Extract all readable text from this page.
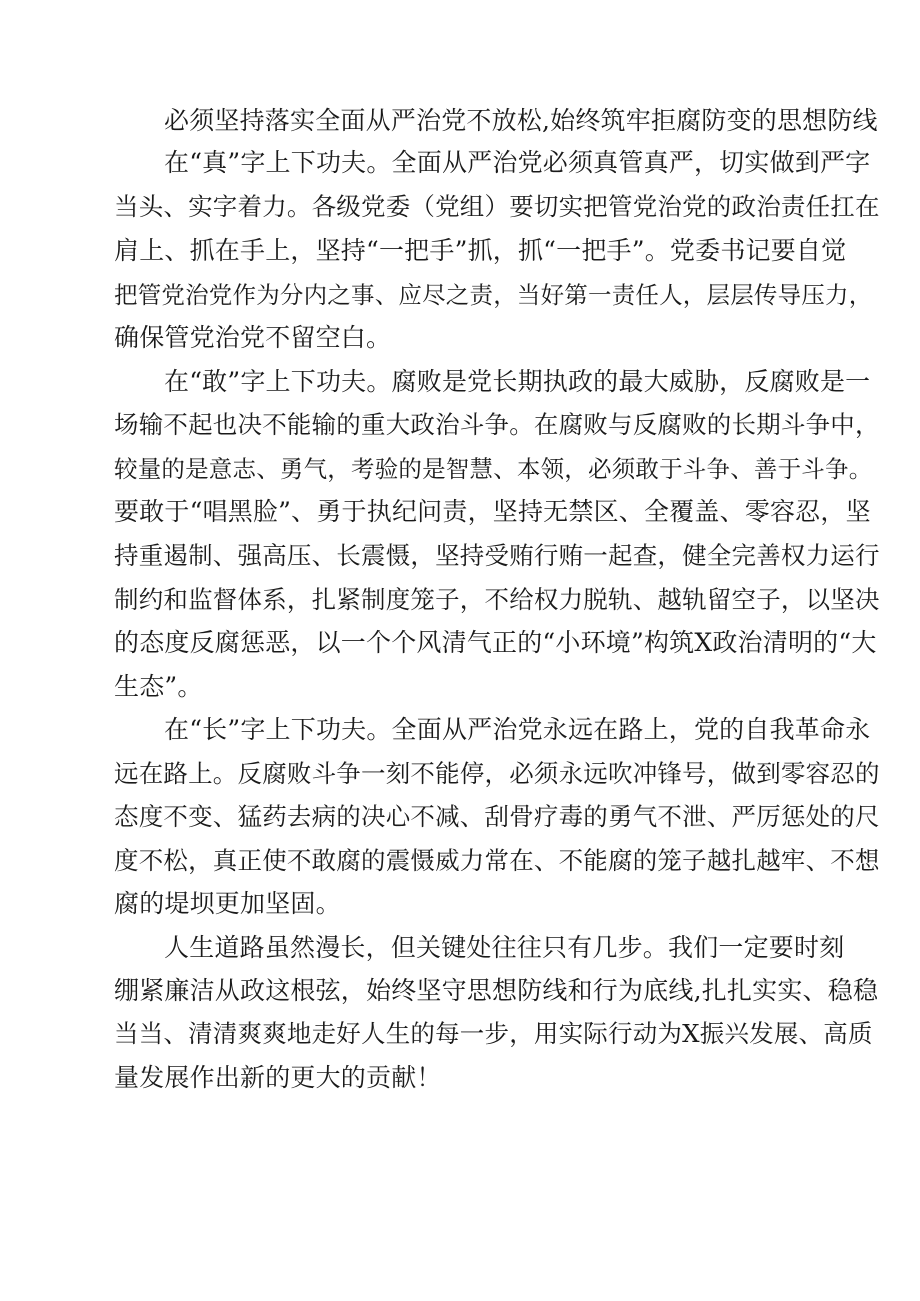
必须坚持落实全面从严治党不放松,始终筑牢拒腐防变的思想防线
在“真”字上下功夫。全面从严治党必须真管真严，切实做到严字
当头、实字着力。各级党委（党组）要切实把管党治党的政治责任扛在
肩上、抓在手上，坚持“一把手”抓，抓“一把手”。党委书记要自觉
把管党治党作为分内之事、应尽之责，当好第一责任人，层层传导压力，
确保管党治党不留空白。
在“敢”字上下功夫。腐败是党长期执政的最大威胁，反腐败是一
场输不起也决不能输的重大政治斗争。在腐败与反腐败的长期斗争中，
较量的是意志、勇气，考验的是智慧、本领，必须敢于斗争、善于斗争。
要敢于“唱黑脸”、勇于执纪问责，坚持无禁区、全覆盖、零容忍，坚
持重遏制、强高压、长震慑，坚持受贿行贿一起查，健全完善权力运行
制约和监督体系，扎紧制度笼子，不给权力脱轨、越轨留空子，以坚决
的态度反腐惩恶，以一个个风清气正的“小环境”构筑X政治清明的“大
生态”。
在“长”字上下功夫。全面从严治党永远在路上，党的自我革命永
远在路上。反腐败斗争一刻不能停，必须永远吹冲锋号，做到零容忍的
态度不变、猛药去病的决心不减、刮骨疗毒的勇气不泄、严厉惩处的尺
度不松，真正使不敢腐的震慑威力常在、不能腐的笼子越扎越牢、不想
腐的堤坝更加坚固。
人生道路虽然漫长，但关键处往往只有几步。我们一定要时刻
绷紧廉洁从政这根弦，始终坚守思想防线和行为底线,扎扎实实、稳稳
当当、清清爽爽地走好人生的每一步，用实际行动为X振兴发展、高质
量发展作出新的更大的贡献！
